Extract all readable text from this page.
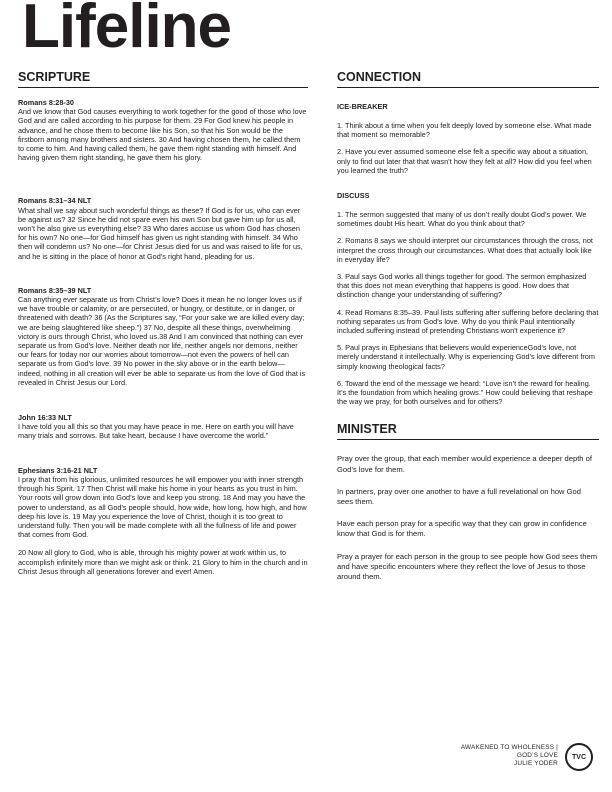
Lifeline

SCRIPTURE

Romans 8:28-30

And we know that God causes everything to work together for the good of those who love God and are called according to his purpose for them. 29 For God knew his people in advance, and he chose them to become like his Son, so that his Son would be the firstborn among many brothers and sisters. 30 And having chosen them, he called them to come to him. And having called them, he gave them right standing with himself. And having given them right standing, he gave them his glory.

Romans 8:31–34 NLT

What shall we say about such wonderful things as these? If God is for us, who can ever be against us? 32 Since he did not spare even his own Son but gave him up for us all, won’t he also give us everything else? 33 Who dares accuse us whom God has chosen for his own? No one—for God himself has given us right standing with himself. 34 Who then will condemn us? No one—for Christ Jesus died for us and was raised to life for us, and he is sitting in the place of honor at God’s right hand, pleading for us.

Romans 8:35–39 NLT

Can anything ever separate us from Christ’s love? Does it mean he no longer loves us if we have trouble or calamity, or are persecuted, or hungry, or destitute, or in danger, or threatened with death? 36 (As the Scriptures say, “For your sake we are killed every day; we are being slaughtered like sheep.”) 37 No, despite all these things, overwhelming victory is ours through Christ, who loved us.38 And I am convinced that nothing can ever separate us from God’s love. Neither death nor life, neither angels nor demons, neither our fears for today nor our worries about tomorrow—not even the powers of hell can separate us from God’s love. 39 No power in the sky above or in the earth below—indeed, nothing in all creation will ever be able to separate us from the love of God that is revealed in Christ Jesus our Lord.

John 16:33 NLT

I have told you all this so that you may have peace in me. Here on earth you will have many trials and sorrows. But take heart, because I have overcome the world.”

Ephesians 3:16-21 NLT

I pray that from his glorious, unlimited resources he will empower you with inner strength through his Spirit. 17 Then Christ will make his home in your hearts as you trust in him. Your roots will grow down into God’s love and keep you strong. 18 And may you have the power to understand, as all God’s people should, how wide, how long, how high, and how deep his love is. 19 May you experience the love of Christ, though it is too great to understand fully. Then you will be made complete with all the fullness of life and power that comes from God.

20 Now all glory to God, who is able, through his mighty power at work within us, to accomplish infinitely more than we might ask or think. 21 Glory to him in the church and in Christ Jesus through all generations forever and ever! Amen.

CONNECTION

ICE-BREAKER

1. Think about a time when you felt deeply loved by someone else. What made that moment so memorable?

2. Have you ever assumed someone else felt a specific way about a situation, only to find out later that that wasn’t how they felt at all? How did you feel when you learned the truth?

DISCUSS

1. The sermon suggested that many of us don’t really doubt God’s power. We sometimes doubt His heart. What do you think about that?

2. Romans 8 says we should interpret our circumstances through the cross, not interpret the cross through our circumstances. What does that actually look like in everyday life?

3. Paul says God works all things together for good. The sermon emphasized that this does not mean everything that happens is good. How does that distinction change your understanding of suffering?

4. Read Romans 8:35–39. Paul lists suffering after suffering before declaring that nothing separates us from God’s love. Why do you think Paul intentionally included suffering instead of pretending Christians won’t experience it?

5. Paul prays in Ephesians that believers would experienceGod’s love, not merely understand it intellectually. Why is experiencing God’s love different from simply knowing theological facts?

6. Toward the end of the message we heard: “Love isn’t the reward for healing. It’s the foundation from which healing grows.” How could believing that reshape the way we pray, for both ourselves and for others?

MINISTER

Pray over the group, that each member would experience a deeper depth of God’s love for them.

In partners, pray over one another to have a full revelational on how God sees them.

Have each person pray for a specific way that they can grow in confidence know that God is for them.

Pray a prayer for each person in the group to see people how God sees them and have specific encounters where they reflect the love of Jesus to those around them.

AWAKENED TO WHOLENESS |
GOD’S LOVE
JULIE YODER
TVC
